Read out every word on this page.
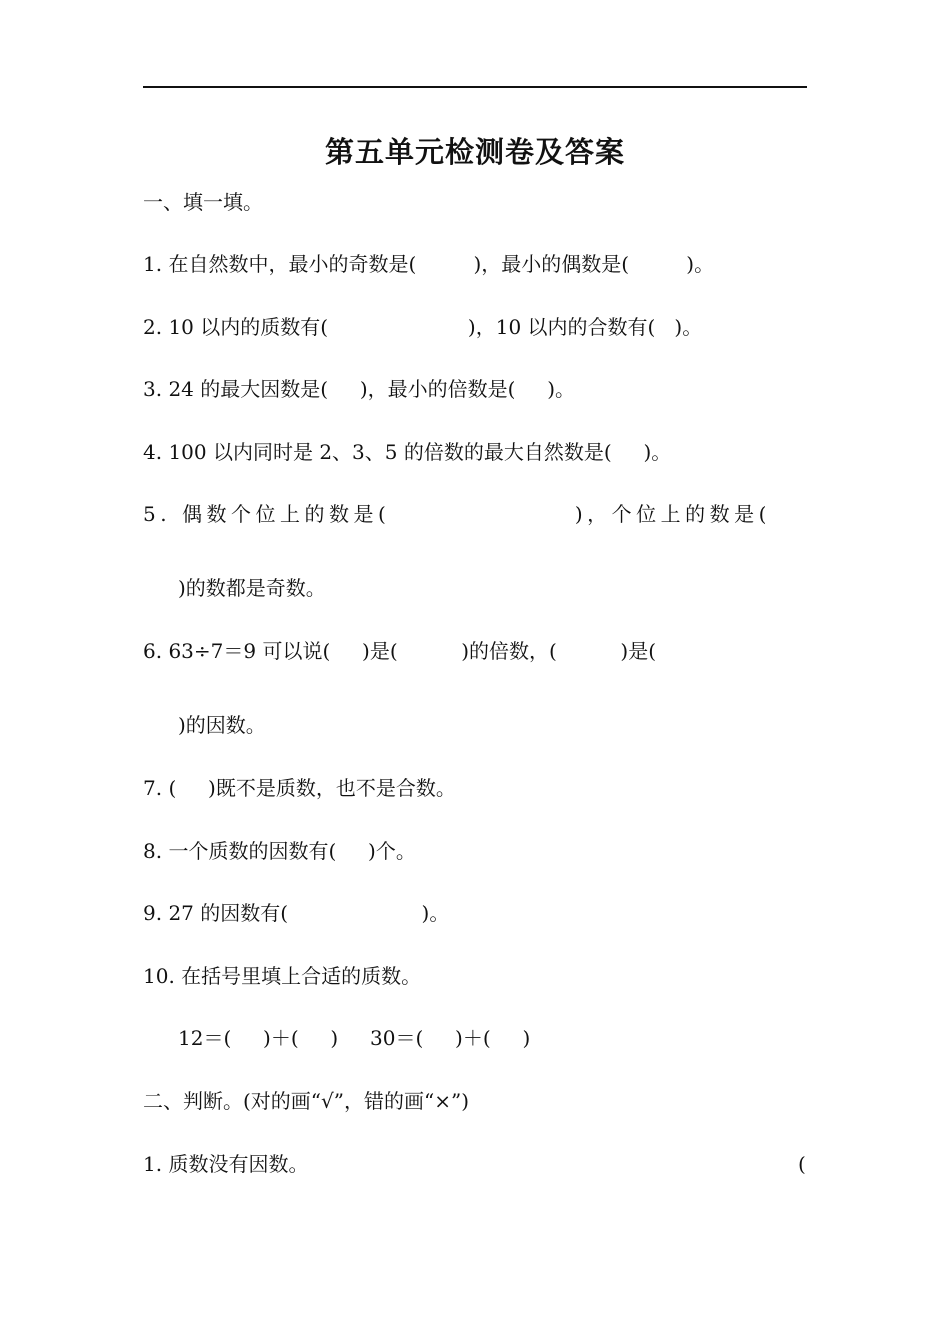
第五单元检测卷及答案
一、填一填。
1. 在自然数中，最小的奇数是(         )，最小的偶数是(         )。
2. 10 以内的质数有(                      )，10 以内的合数有(   )。
3. 24 的最大因数是(     )，最小的倍数是(     )。
4. 100 以内同时是 2、3、5 的倍数的最大自然数是(     )。
5. 偶数个位上的数是(                 )，个位上的数是(
)的数都是奇数。
6. 63÷7＝9 可以说(     )是(          )的倍数，(          )是(
)的因数。
7. (     )既不是质数，也不是合数。
8. 一个质数的因数有(     )个。
9. 27 的因数有(                     )。
10. 在括号里填上合适的质数。
12＝(     )＋(     )     30＝(     )＋(     )
二、判断。(对的画“√”，错的画“×”)
1. 质数没有因数。	(
